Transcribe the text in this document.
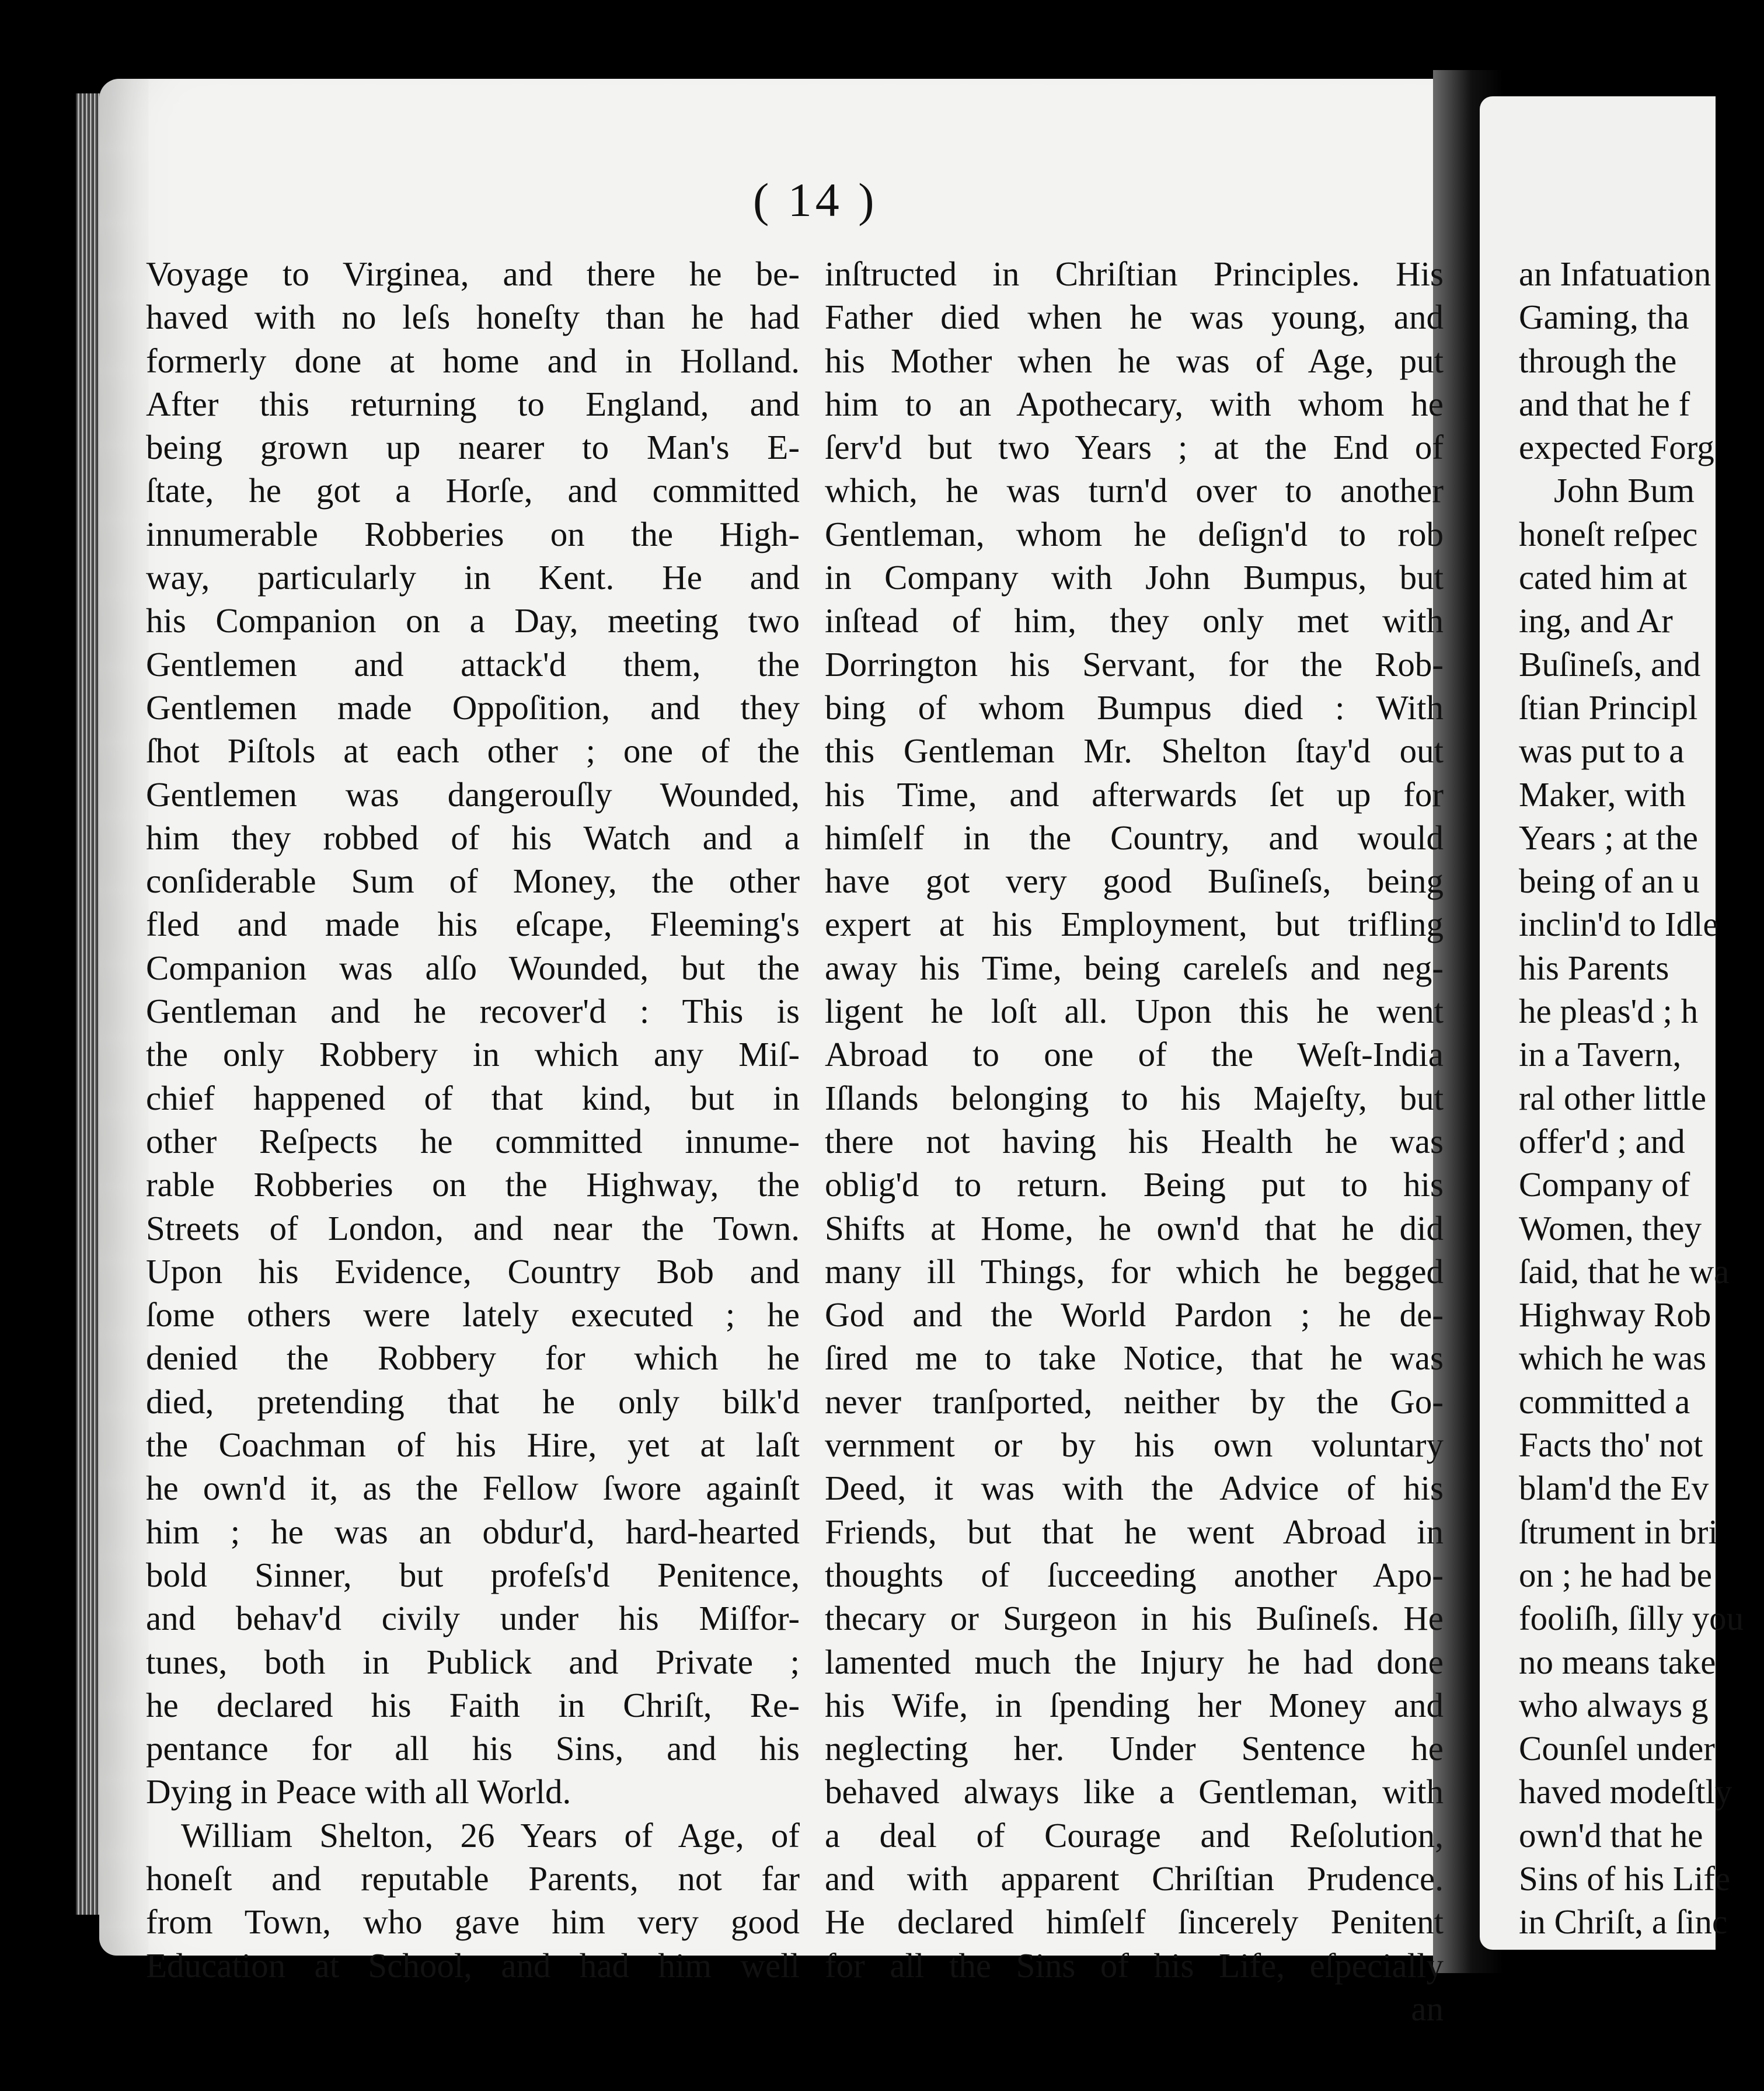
( 14 )
Voyage to Virginea, and there he be-
haved with no leſs honeſty than he had
formerly done at home and in Holland.
After this returning to England, and
being grown up nearer to Man's E-
ſtate, he got a Horſe, and committed
innumerable Robberies on the High-
way, particularly in Kent. He and
his Companion on a Day, meeting two
Gentlemen and attack'd them, the
Gentlemen made Oppoſition, and they
ſhot Piſtols at each other ; one of the
Gentlemen was dangerouſly Wounded,
him they robbed of his Watch and a
conſiderable Sum of Money, the other
fled and made his eſcape, Fleeming's
Companion was alſo Wounded, but the
Gentleman and he recover'd : This is
the only Robbery in which any Miſ-
chief happened of that kind, but in
other Reſpects he committed innume-
rable Robberies on the Highway, the
Streets of London, and near the Town.
Upon his Evidence, Country Bob and
ſome others were lately executed ; he
denied the Robbery for which he
died, pretending that he only bilk'd
the Coachman of his Hire, yet at laſt
he own'd it, as the Fellow ſwore againſt
him ; he was an obdur'd, hard-hearted
bold Sinner, but profeſs'd Penitence,
and behav'd civily under his Miſfor-
tunes, both in Publick and Private ;
he declared his Faith in Chriſt, Re-
pentance for all his Sins, and his
Dying in Peace with all World.
William Shelton, 26 Years of Age, of
honeſt and reputable Parents, not far
from Town, who gave him very good
Education at School, and had him well
inſtructed in Chriſtian Principles. His
Father died when he was young, and
his Mother when he was of Age, put
him to an Apothecary, with whom he
ſerv'd but two Years ; at the End of
which, he was turn'd over to another
Gentleman, whom he deſign'd to rob
in Company with John Bumpus, but
inſtead of him, they only met with
Dorrington his Servant, for the Rob-
bing of whom Bumpus died : With
this Gentleman Mr. Shelton ſtay'd out
his Time, and afterwards ſet up for
himſelf in the Country, and would
have got very good Buſineſs, being
expert at his Employment, but trifling
away his Time, being careleſs and neg-
ligent he loſt all. Upon this he went
Abroad to one of the Weſt-India
Iſlands belonging to his Majeſty, but
there not having his Health he was
oblig'd to return. Being put to his
Shifts at Home, he own'd that he did
many ill Things, for which he begged
God and the World Pardon ; he de-
ſired me to take Notice, that he was
never tranſported, neither by the Go-
vernment or by his own voluntary
Deed, it was with the Advice of his
Friends, but that he went Abroad in
thoughts of ſucceeding another Apo-
thecary or Surgeon in his Buſineſs. He
lamented much the Injury he had done
his Wife, in ſpending her Money and
neglecting her. Under Sentence he
behaved always like a Gentleman, with
a deal of Courage and Reſolution,
and with apparent Chriſtian Prudence.
He declared himſelf ſincerely Penitent
for all the Sins of his Life, eſpecially
an
an Infatuation
Gaming, tha
through the
and that he f
expected Forg
John Bum
honeſt reſpec
cated him at
ing, and Ar
Buſineſs, and
ſtian Principl
was put to a
Maker, with
Years ; at the
being of an u
inclin'd to Idle
his Parents
he pleas'd ; h
in a Tavern,
ral other little
offer'd ; and
Company of
Women, they
ſaid, that he wa
Highway Rob
which he was
committed a
Facts tho' not
blam'd the Ev
ſtrument in bri
on ; he had be
fooliſh, ſilly you
no means take
who always g
Counſel under
haved modeſtly
own'd that he
Sins of his Life
in Chriſt, a ſinc
